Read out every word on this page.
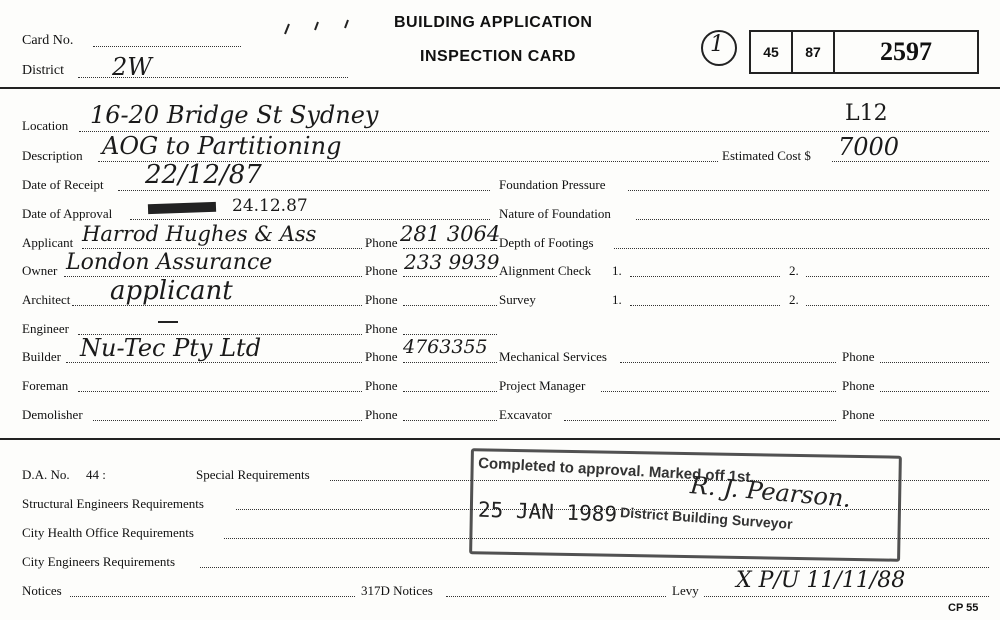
Card No.
District 2W
BUILDING APPLICATION
INSPECTION CARD	1	45	87	2597
Location 16-20 Bridge St Sydney	L12
Description AOG to Partitioning	Estimated Cost $ 7000
Date of Receipt 22/12/87
Date of Approval	24.12.87
Applicant Harrod Hughes & Ass	Phone 281 3064
Owner London Assurance	Phone 233 9939
Architect applicant	Phone
Engineer	Phone
Builder Nu-Tec Pty Ltd	Phone 4763355
Foreman	Phone
Demolisher	Phone
Foundation Pressure
Nature of Foundation
Depth of Footings
Alignment Check 1.	2.
Survey	1.	2.
Mechanical Services	Phone
Project Manager	Phone
Excavator	Phone
D.A. No. 44 :	Special Requirements
Structural Engineers Requirements
City Health Office Requirements
City Engineers Requirements
Notices	317D Notices	Levy X P/U 11/11/88
CP 55
Completed to approval. Marked off 1st.
25 JAN 1989 District Building Surveyor
R. J. Pearson.
